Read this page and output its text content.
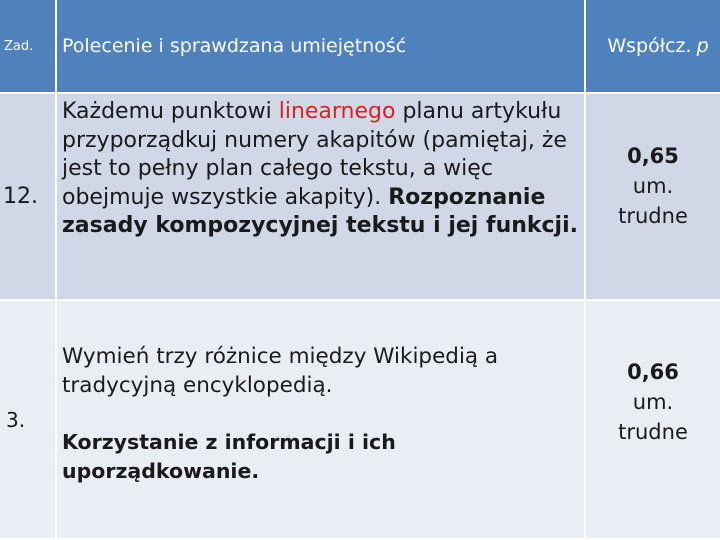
Zad.	Polecenie i sprawdzana umiejętność	Współcz. p
12.
Każdemu punktowi linearnego planu artykułu przyporządkuj numery akapitów (pamiętaj, że jest to pełny plan całego tekstu, a więc obejmuje wszystkie akapity). Rozpoznanie zasady kompozycyjnej tekstu i jej funkcji.
0,65
um. trudne
3.
Wymień trzy różnice między Wikipedią a tradycyjną encyklopedią.
Korzystanie z informacji i ich uporządkowanie.
0,66
um. trudne
